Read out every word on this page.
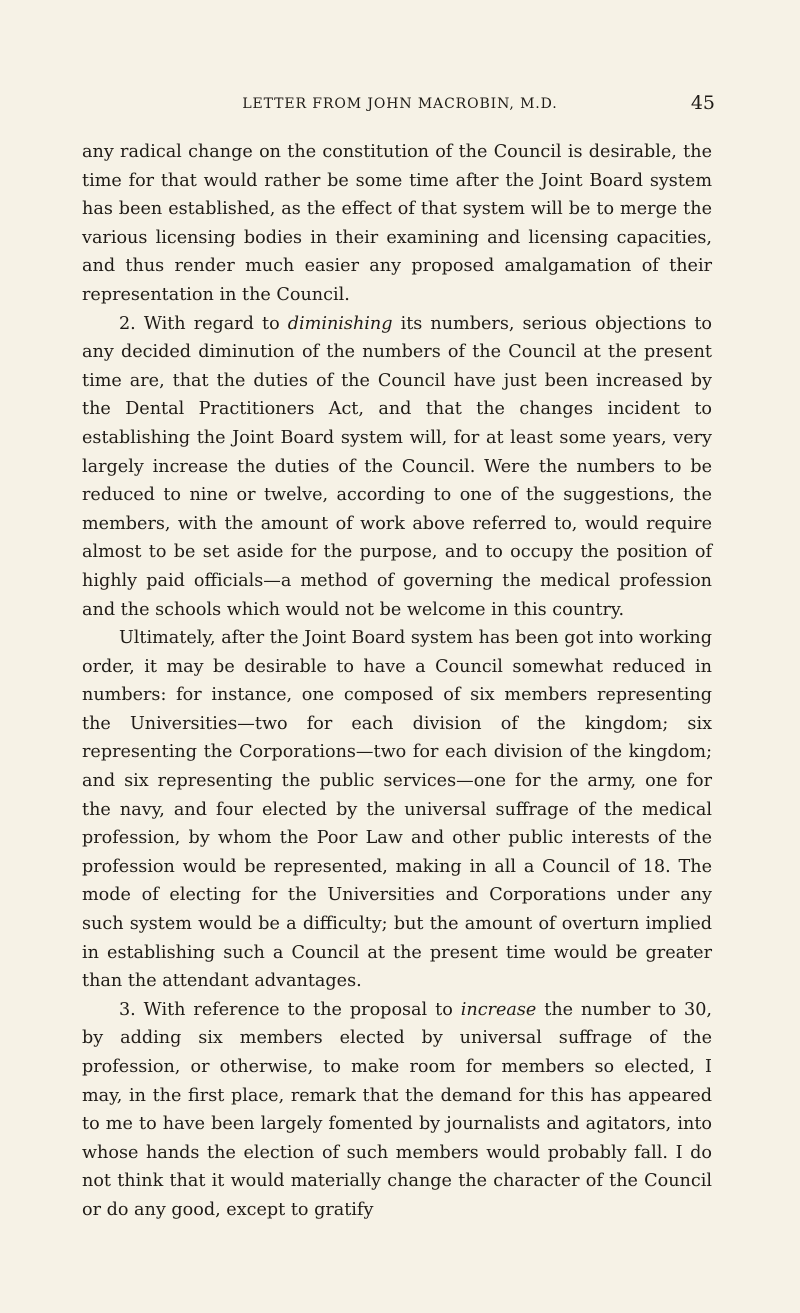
LETTER FROM JOHN MACROBIN, M.D.	45

any radical change on the constitution of the Council is desirable, the time for that would rather be some time after the Joint Board system has been established, as the effect of that system will be to merge the various licensing bodies in their examining and licensing capacities, and thus render much easier any proposed amalgamation of their representation in the Council.

2. With regard to diminishing its numbers, serious objections to any decided diminution of the numbers of the Council at the present time are, that the duties of the Council have just been increased by the Dental Practitioners Act, and that the changes incident to establishing the Joint Board system will, for at least some years, very largely increase the duties of the Council. Were the numbers to be reduced to nine or twelve, according to one of the suggestions, the members, with the amount of work above referred to, would require almost to be set aside for the purpose, and to occupy the position of highly paid officials—a method of governing the medical profession and the schools which would not be welcome in this country.

Ultimately, after the Joint Board system has been got into working order, it may be desirable to have a Council somewhat reduced in numbers: for instance, one composed of six members representing the Universities—two for each division of the kingdom; six representing the Corporations—two for each division of the kingdom; and six representing the public services—one for the army, one for the navy, and four elected by the universal suffrage of the medical profession, by whom the Poor Law and other public interests of the profession would be represented, making in all a Council of 18. The mode of electing for the Universities and Corporations under any such system would be a difficulty; but the amount of overturn implied in establishing such a Council at the present time would be greater than the attendant advantages.

3. With reference to the proposal to increase the number to 30, by adding six members elected by universal suffrage of the profession, or otherwise, to make room for members so elected, I may, in the first place, remark that the demand for this has appeared to me to have been largely fomented by journalists and agitators, into whose hands the election of such members would probably fall. I do not think that it would materially change the character of the Council or do any good, except to gratify
